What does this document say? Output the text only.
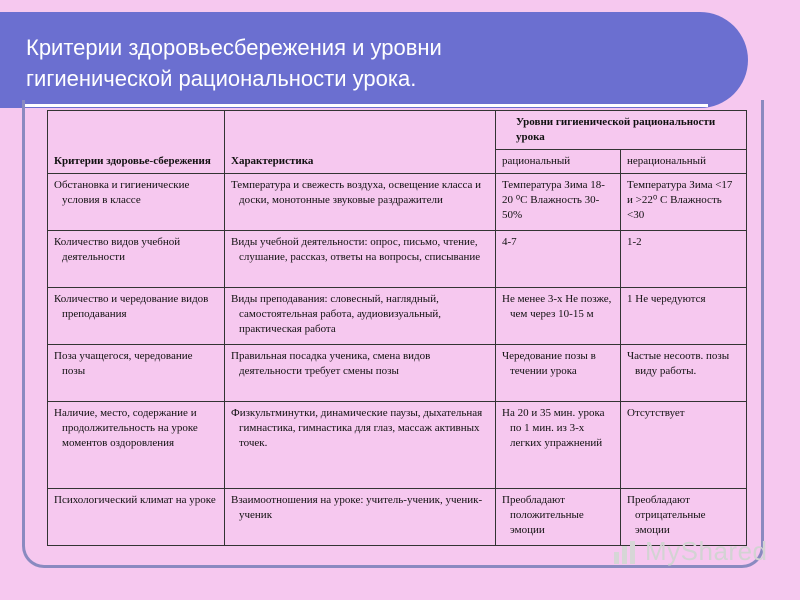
Критерии здоровьесбережения и уровни
гигиенической рациональности урока.
Критерии здоровье-сбережения	Характеристика	Уровни гигиенической рациональности урока	
		рациональный	нерациональный
Обстановка и гигиенические условия в классе	Температура и свежесть воздуха, освещение класса и доски, монотонные звуковые раздражители	Температура Зима 18-20 ⁰С Влажность 30-50%	Температура Зима <17 и >22⁰ С Влажность <30
Количество видов учебной деятельности	Виды учебной деятельности: опрос, письмо, чтение, слушание, рассказ, ответы на вопросы, списывание	4-7	1-2
Количество и чередование видов преподавания	Виды преподавания: словесный, наглядный, самостоятельная работа, аудиовизуальный, практическая работа	Не менее 3-х Не позже, чем через 10-15 м	1 Не чередуются
Поза учащегося, чередование позы	Правильная посадка ученика, смена видов деятельности требует смены позы	Чередование позы в течении урока	Частые несоотв. позы виду работы.
Наличие, место, содержание и продолжительность на уроке моментов оздоровления	Физкультминутки, динамические паузы, дыхательная гимнастика, гимнастика для глаз, массаж активных точек.	На 20 и 35 мин. урока по 1 мин. из 3-х легких упражнений	Отсутствует
Психологический климат на уроке	Взаимоотношения на уроке: учитель-ученик, ученик-ученик	Преобладают положительные эмоции	Преобладают отрицательные эмоции
MyShared
